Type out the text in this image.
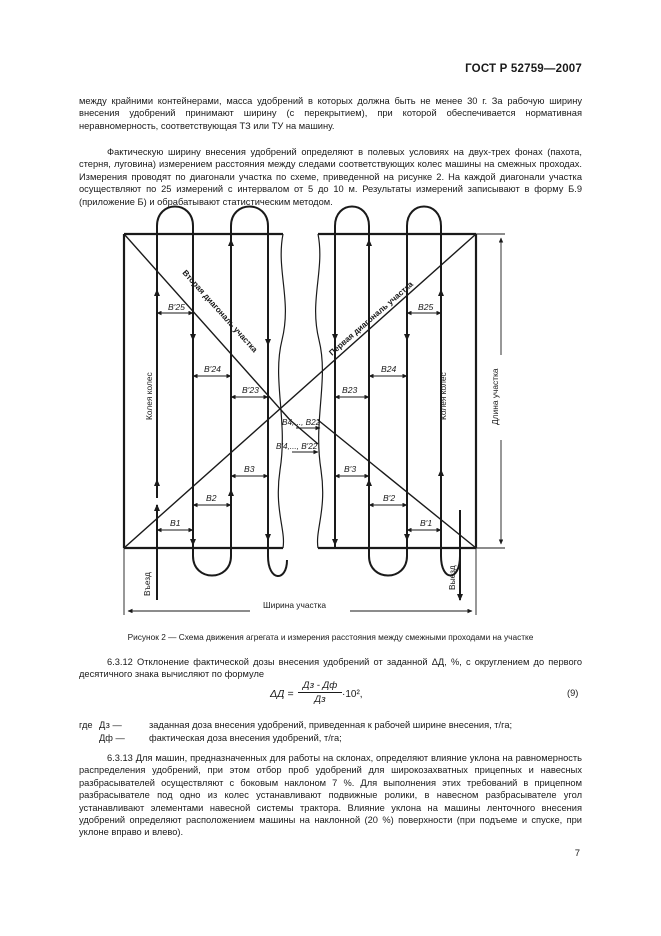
ГОСТ Р 52759—2007

между крайними контейнерами, масса удобрений в которых должна быть не менее 30 г. За рабочую ширину внесения удобрений принимают ширину (с перекрытием), при которой обеспечивается нормативная неравномерность, соответствующая ТЗ или ТУ на машину.

Фактическую ширину внесения удобрений определяют в полевых условиях на двух-трех фонах (пахота, стерня, луговина) измерением расстояния между следами соответствующих колес машины на смежных проходах. Измерения проводят по диагонали участка по схеме, приведенной на рисунке 2. На каждой диагонали участка осуществляют по 25 измерений с интервалом от 5 до 10 м. Результаты измерений записывают в форму Б.9 (приложение Б) и обрабатывают статистическим методом.

B′25
B′24
B′23
B3
B2
B1
B25
B24
B23
B′3
B′2
B′1
B4,..., B22
B′4,..., B′22
Вторая диагональ участка	Первая диагональ участка
Колея колес	Колея колес	Длина участка
Ширина участка
Въезд	Выезд
Рисунок 2 — Схема движения агрегата и измерения расстояния между смежными проходами на участке

6.3.12 Отклонение фактической дозы внесения удобрений от заданной ΔД, %, с округлением до первого десятичного знака вычисляют по формуле

ΔД =
Дз - Дф
Дз	·10²,	(9)
где Дз —	заданная доза внесения удобрений, приведенная к рабочей ширине внесения, т/га;
Дф —	фактическая доза внесения удобрений, т/га;

6.3.13 Для машин, предназначенных для работы на склонах, определяют влияние уклона на равномерность распределения удобрений, при этом отбор проб удобрений для широкозахватных прицепных и навесных разбрасывателей осуществляют с боковым наклоном 7 %. Для выполнения этих требований в прицепном разбрасывателе под одно из колес устанавливают подвижные ролики, в навесном разбрасывателе угол устанавливают элементами навесной системы трактора. Влияние уклона на машины ленточного внесения удобрений определяют расположением машины на наклонной (20 %) поверхности (при подъеме и спуске, при уклоне вправо и влево).

7
